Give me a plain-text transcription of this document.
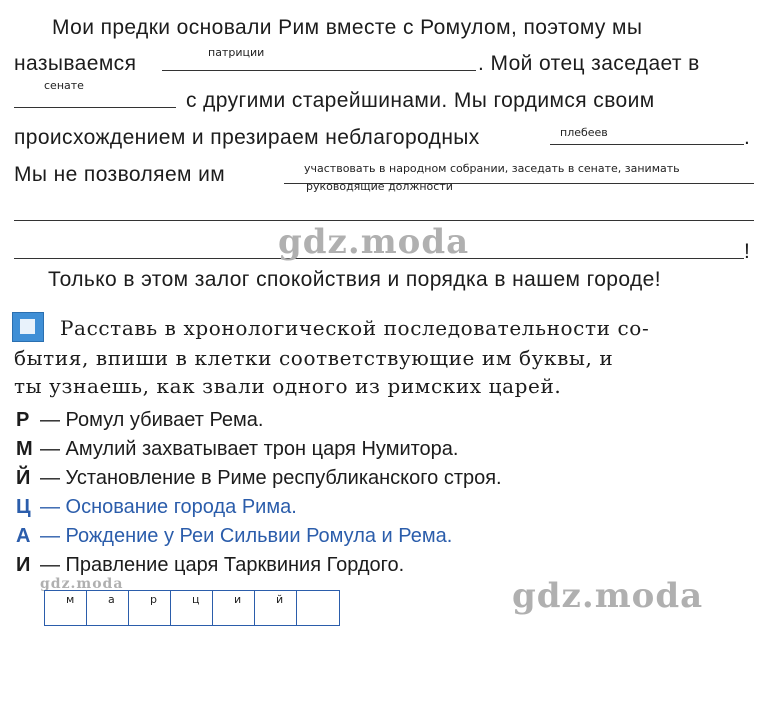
Мои предки основали Рим вместе с Ромулом, поэтому мы
называемся	патриции	. Мой отец заседает в
сенате
с другими старейшинами. Мы гордимся своим
происхождением и презираем неблагородных	плебеев	.
Мы не позволяем им	участвовать в народном собрании, заседать в сенате, занимать
руководящие должности
!
gdz.moda
Только в этом залог спокойствия и порядка в нашем городе!
Расставь в хронологической последовательности со-
бытия, впиши в клетки соответствующие им буквы, и
ты узнаешь, как звали одного из римских царей.
Р — Ромул убивает Рема.
М — Амулий захватывает трон царя Нумитора.
Й — Установление в Риме республиканского строя.
Ц — Основание города Рима.
А — Рождение у Реи Сильвии Ромула и Рема.
И — Правление царя Тарквиния Гордого.
gdz.moda
м	а	р	ц	и	й	gdz.moda
